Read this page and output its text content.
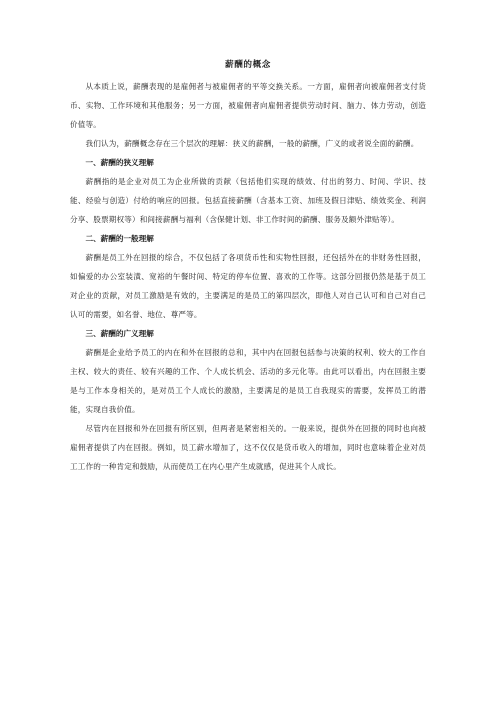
薪酬的概念

从本质上说，薪酬表现的是雇佣者与被雇佣者的平等交换关系。一方面，雇佣者向被雇佣者支付货币、实物、工作环境和其他服务；另一方面，被雇佣者向雇佣者提供劳动时间、脑力、体力劳动，创造价值等。

我们认为，薪酬概念存在三个层次的理解：狭义的薪酬，一般的薪酬，广义的或者说全面的薪酬。

一、薪酬的狭义理解

薪酬指的是企业对员工为企业所做的贡献（包括他们实现的绩效、付出的努力、时间、学识、技能、经验与创造）付给的响应的回报。包括直接薪酬（含基本工资、加班及假日津贴、绩效奖金、利润分享、股票期权等）和间接薪酬与福利（含保健计划、非工作时间的薪酬、服务及额外津贴等）。

二、薪酬的一般理解

薪酬是员工外在回报的综合，不仅包括了各项货币性和实物性回报，还包括外在的非财务性回报，如偏爱的办公室装潢、宽裕的午餐时间、特定的停车位置、喜欢的工作等。这部分回报仍然是基于员工对企业的贡献，对员工激励是有效的，主要满足的是员工的第四层次，即他人对自己认可和自己对自己认可的需要，如名誉、地位、尊严等。

三、薪酬的广义理解

薪酬是企业给予员工的内在和外在回报的总和，其中内在回报包括参与决策的权利、较大的工作自主权、较大的责任、较有兴趣的工作、个人成长机会、活动的多元化等。由此可以看出，内在回报主要是与工作本身相关的，是对员工个人成长的激励，主要满足的是员工自我现实的需要，发挥员工的潜能，实现自我价值。

尽管内在回报和外在回报有所区别，但两者是紧密相关的。一般来说，提供外在回报的同时也向被雇佣者提供了内在回报。例如，员工薪水增加了，这不仅仅是货币收入的增加，同时也意味着企业对员工工作的一种肯定和鼓励，从而使员工在内心里产生成就感，促进其个人成长。
